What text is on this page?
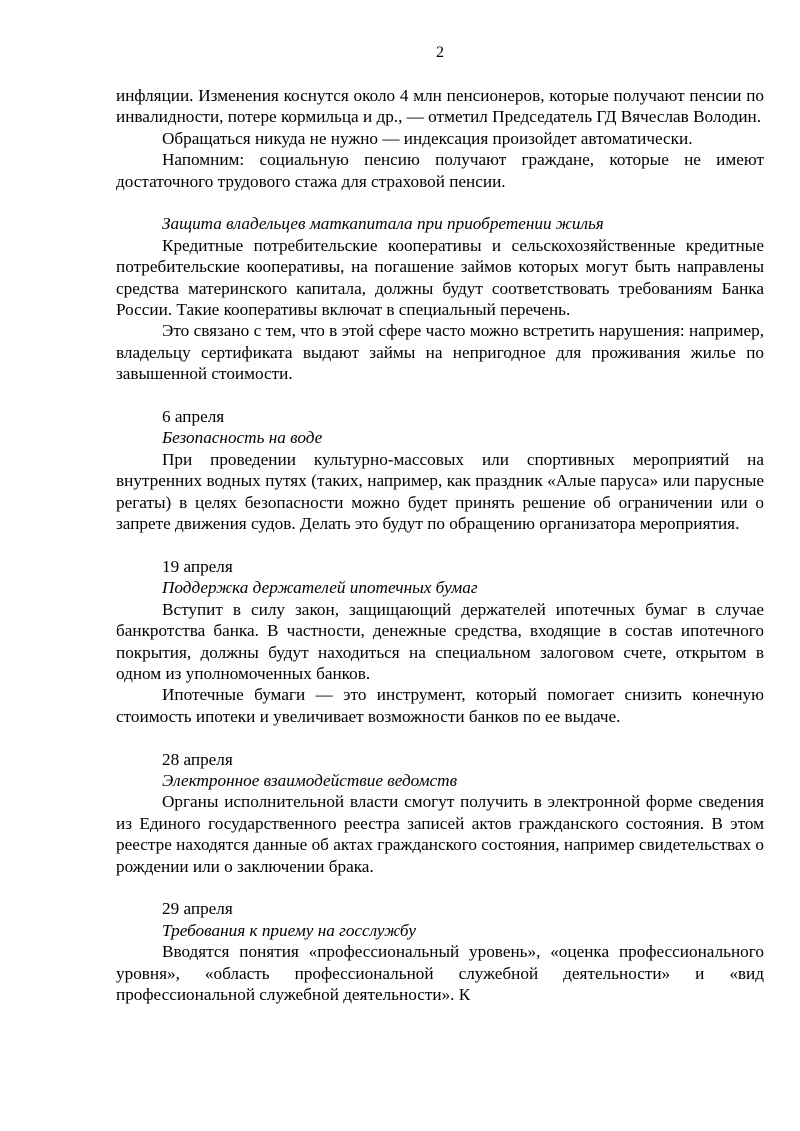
2

инфляции. Изменения коснутся около 4 млн пенсионеров, которые получают пенсии по инвалидности, потере кормильца и др., — отметил Председатель ГД Вячеслав Володин.

Обращаться никуда не нужно — индексация произойдет автоматически.

Напомним: социальную пенсию получают граждане, которые не имеют достаточного трудового стажа для страховой пенсии.

Защита владельцев маткапитала при приобретении жилья

Кредитные потребительские кооперативы и сельскохозяйственные кредитные потребительские кооперативы, на погашение займов которых могут быть направлены средства материнского капитала, должны будут соответствовать требованиям Банка России. Такие кооперативы включат в специальный перечень.

Это связано с тем, что в этой сфере часто можно встретить нарушения: например, владельцу сертификата выдают займы на непригодное для проживания жилье по завышенной стоимости.

6 апреля

Безопасность на воде

При проведении культурно-массовых или спортивных мероприятий на внутренних водных путях (таких, например, как праздник «Алые паруса» или парусные регаты) в целях безопасности можно будет принять решение об ограничении или о запрете движения судов. Делать это будут по обращению организатора мероприятия.

19 апреля

Поддержка держателей ипотечных бумаг

Вступит в силу закон, защищающий держателей ипотечных бумаг в случае банкротства банка. В частности, денежные средства, входящие в состав ипотечного покрытия, должны будут находиться на специальном залоговом счете, открытом в одном из уполномоченных банков.

Ипотечные бумаги — это инструмент, который помогает снизить конечную стоимость ипотеки и увеличивает возможности банков по ее выдаче.

28 апреля

Электронное взаимодействие ведомств

Органы исполнительной власти смогут получить в электронной форме сведения из Единого государственного реестра записей актов гражданского состояния. В этом реестре находятся данные об актах гражданского состояния, например свидетельствах о рождении или о заключении брака.

29 апреля

Требования к приему на госслужбу

Вводятся понятия «профессиональный уровень», «оценка профессионального уровня», «область профессиональной служебной деятельности» и «вид профессиональной служебной деятельности». К
